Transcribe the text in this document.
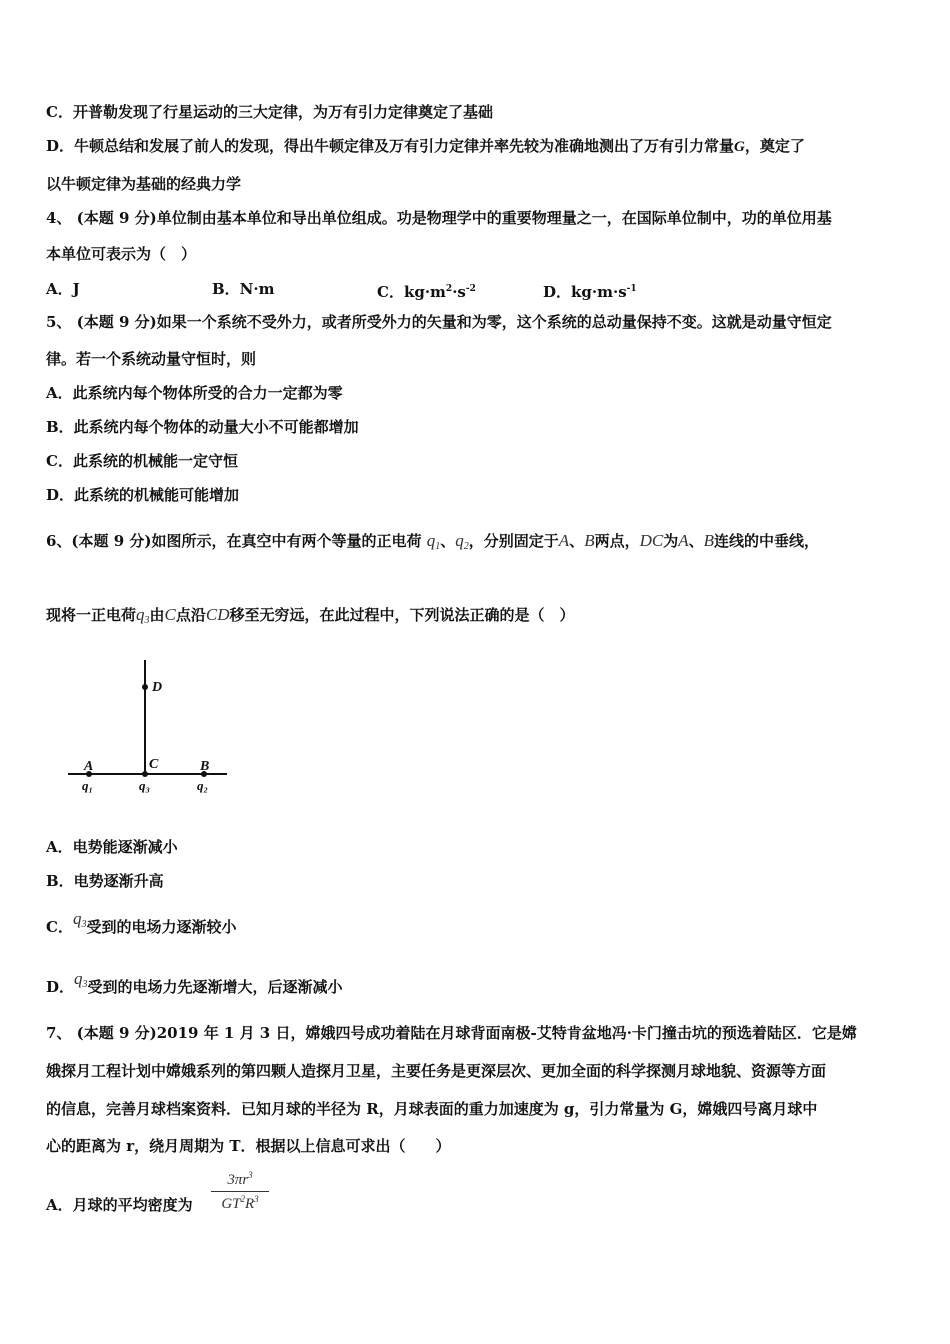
C．开普勒发现了行星运动的三大定律，为万有引力定律奠定了基础
D．牛顿总结和发展了前人的发现，得出牛顿定律及万有引力定律并率先较为准确地测出了万有引力常量G，奠定了
以牛顿定律为基础的经典力学
4、 (本题 9 分)单位制由基本单位和导出单位组成。功是物理学中的重要物理量之一，在国际单位制中，功的单位用基
本单位可表示为（　）
A．J	B．N·m	C．$kg\cdot m^2\cdot s^{-2}$	D．$kg\cdot m\cdot s^{-1}$
5、 (本题 9 分)如果一个系统不受外力，或者所受外力的矢量和为零，这个系统的总动量保持不变。这就是动量守恒定
律。若一个系统动量守恒时，则
A．此系统内每个物体所受的合力一定都为零
B．此系统内每个物体的动量大小不可能都增加
C．此系统的机械能一定守恒
D．此系统的机械能可能增加
6、(本题 9 分)如图所示，在真空中有两个等量的正电荷 $q_1$、$q_2$，分别固定于A、B两点，DC为A、B连线的中垂线，
现将一正电荷$q_3$由C点沿CD移至无穷远，在此过程中，下列说法正确的是（　）
D
C
A	B
q₁	q₃	q₂
A．电势能逐渐减小
B．电势逐渐升高
C．$q_3$受到的电场力逐渐较小
D．$q_3$受到的电场力先逐渐增大，后逐渐减小
7、 (本题 9 分)2019 年 1 月 3 日，嫦娥四号成功着陆在月球背面南极-艾特肯盆地冯·卡门撞击坑的预选着陆区．它是嫦
娥探月工程计划中嫦娥系列的第四颗人造探月卫星，主要任务是更深层次、更加全面的科学探测月球地貌、资源等方面
的信息，完善月球档案资料．已知月球的半径为 R，月球表面的重力加速度为 g，引力常量为 G，嫦娥四号离月球中
心的距离为 r，绕月周期为 T．根据以上信息可求出（　　）
A．月球的平均密度为
$3\pi r^3$
$GT^2R^3$
